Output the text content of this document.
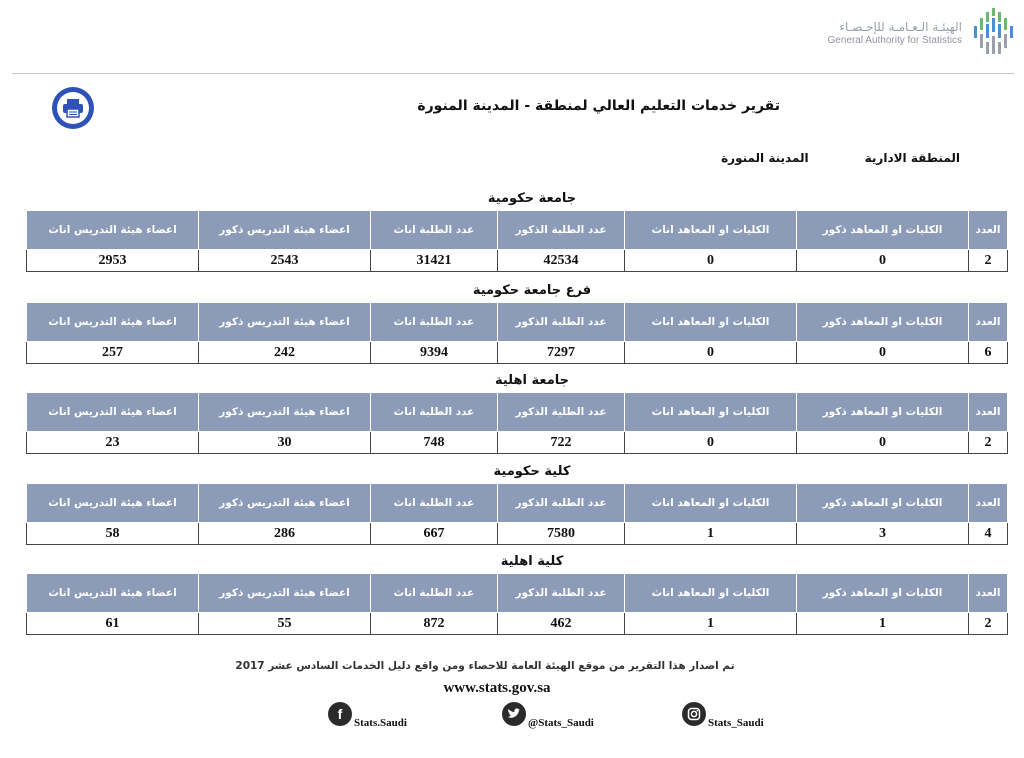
الهيئـة الـعـامـة للإحـصـاء
General Authority for Statistics
تقرير خدمات التعليم العالي لمنطقة - المدينة المنورة
المنطقة الادارية
المدينة المنورة
جامعة حكومية
العدد	الكليات او المعاهد ذكور	الكليات او المعاهد اناث	عدد الطلبة الذكور	عدد الطلبة اناث	اعضاء هيئة التدريس ذكور	اعضاء هيئة التدريس اناث
2	0	0	42534	31421	2543	2953
فرع جامعة حكومية
العدد	الكليات او المعاهد ذكور	الكليات او المعاهد اناث	عدد الطلبة الذكور	عدد الطلبة اناث	اعضاء هيئة التدريس ذكور	اعضاء هيئة التدريس اناث
6	0	0	7297	9394	242	257
جامعة اهلية
العدد	الكليات او المعاهد ذكور	الكليات او المعاهد اناث	عدد الطلبة الذكور	عدد الطلبة اناث	اعضاء هيئة التدريس ذكور	اعضاء هيئة التدريس اناث
2	0	0	722	748	30	23
كلية حكومية
العدد	الكليات او المعاهد ذكور	الكليات او المعاهد اناث	عدد الطلبة الذكور	عدد الطلبة اناث	اعضاء هيئة التدريس ذكور	اعضاء هيئة التدريس اناث
4	3	1	7580	667	286	58
كلية اهلية
العدد	الكليات او المعاهد ذكور	الكليات او المعاهد اناث	عدد الطلبة الذكور	عدد الطلبة اناث	اعضاء هيئة التدريس ذكور	اعضاء هيئة التدريس اناث
2	1	1	462	872	55	61
تم اصدار هذا التقرير من موقع الهيئة العامة للاحصاء ومن واقع دليل الخدمات السادس عشر 2017
www.stats.gov.sa
f
Stats.Saudi	@Stats_Saudi	Stats_Saudi
